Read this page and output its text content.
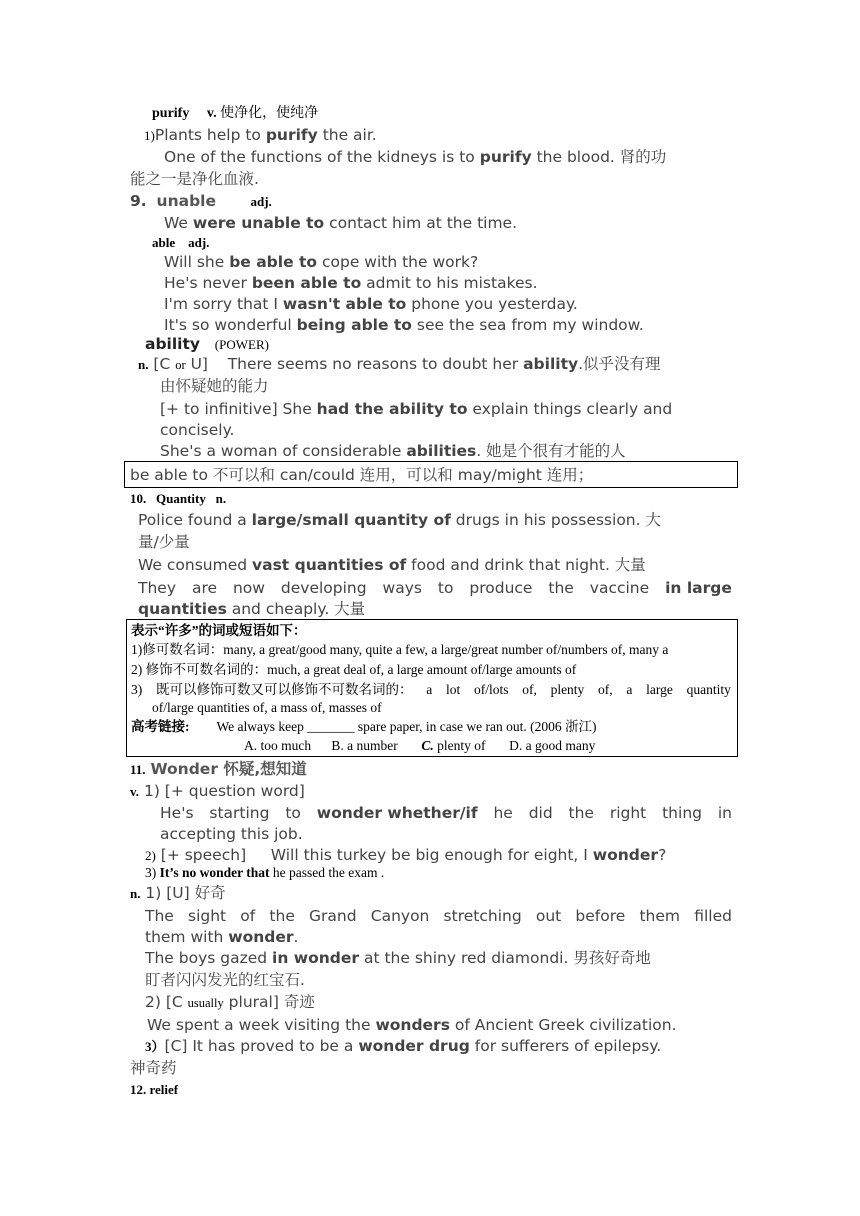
purify v. 使净化，使纯净
1)Plants help to purify the air.
One of the functions of the kidneys is to purify the blood. 肾的功
能之一是净化血液.
9. unable	adj.
We were unable to contact him at the time.
able adj.
Will she be able to cope with the work?
He's never been able to admit to his mistakes.
I'm sorry that I wasn't able to phone you yesterday.
It's so wonderful being able to see the sea from my window.
ability (POWER)
n. [C or U] There seems no reasons to doubt her ability.似乎没有理
由怀疑她的能力
[+ to infinitive] She had the ability to explain things clearly and
concisely.
She's a woman of considerable abilities. 她是个很有才能的人
be able to 不可以和 can/could 连用，可以和 may/might 连用；
10. Quantity n.
Police found a large/small quantity of drugs in his possession. 大
量/少量
We consumed vast quantities of food and drink that night. 大量
They are now developing ways to produce the vaccine in large
quantities and cheaply. 大量
表示“许多”的词或短语如下：
1)修可数名词：many, a great/good many, quite a few, a large/great number of/numbers of, many a
2) 修饰不可数名词的：much, a great deal of, a large amount of/large amounts of
3) 既可以修饰可数又可以修饰不可数名词的： a lot of/lots of, plenty of, a large quantity
of/large quantities of, a mass of, masses of
高考链接: We always keep _______ spare paper, in case we ran out. (2006 浙江)
A. too much B. a number C. plenty of D. a good many
11. Wonder 怀疑,想知道
v. 1) [+ question word]
He's starting to wonder whether/if he did the right thing in
accepting this job.
2) [+ speech] Will this turkey be big enough for eight, I wonder?
3) It’s no wonder that he passed the exam .
n. 1) [U] 好奇
The sight of the Grand Canyon stretching out before them filled
them with wonder.
The boys gazed in wonder at the shiny red diamondi. 男孩好奇地
盯者闪闪发光的红宝石.
2) [C usually plural] 奇迹
We spent a week visiting the wonders of Ancient Greek civilization.
3）[C] It has proved to be a wonder drug for sufferers of epilepsy.
神奇药
12. relief
